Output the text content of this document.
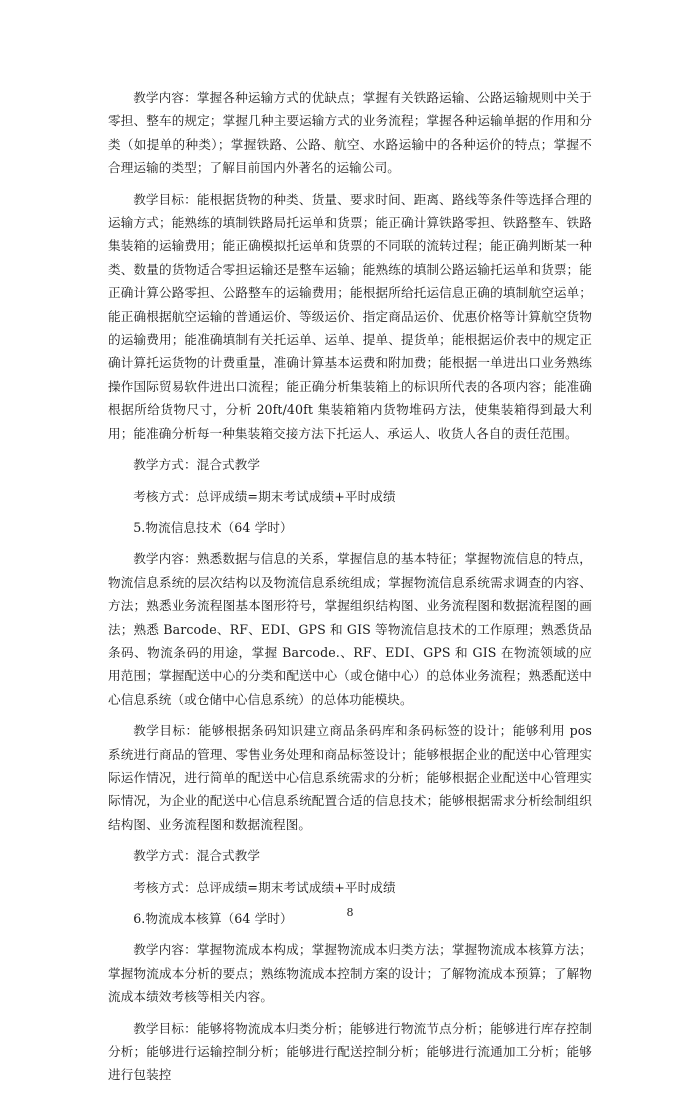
教学内容：掌握各种运输方式的优缺点；掌握有关铁路运输、公路运输规则中关于零担、整车的规定；掌握几种主要运输方式的业务流程；掌握各种运输单据的作用和分类（如提单的种类）；掌握铁路、公路、航空、水路运输中的各种运价的特点；掌握不合理运输的类型；了解目前国内外著名的运输公司。

教学目标：能根据货物的种类、货量、要求时间、距离、路线等条件等选择合理的运输方式；能熟练的填制铁路局托运单和货票；能正确计算铁路零担、铁路整车、铁路集装箱的运输费用；能正确模拟托运单和货票的不同联的流转过程；能正确判断某一种类、数量的货物适合零担运输还是整车运输；能熟练的填制公路运输托运单和货票；能正确计算公路零担、公路整车的运输费用；能根据所给托运信息正确的填制航空运单；能正确根据航空运输的普通运价、等级运价、指定商品运价、优惠价格等计算航空货物的运输费用；能准确填制有关托运单、运单、提单、提货单；能根据运价表中的规定正确计算托运货物的计费重量，准确计算基本运费和附加费；能根据一单进出口业务熟练操作国际贸易软件进出口流程；能正确分析集装箱上的标识所代表的各项内容；能准确根据所给货物尺寸，分析 20ft/40ft 集装箱箱内货物堆码方法，使集装箱得到最大利用；能准确分析每一种集装箱交接方法下托运人、承运人、收货人各自的责任范围。

教学方式：混合式教学

考核方式：总评成绩=期末考试成绩+平时成绩

5.物流信息技术（64 学时）

教学内容：熟悉数据与信息的关系，掌握信息的基本特征；掌握物流信息的特点，物流信息系统的层次结构以及物流信息系统组成；掌握物流信息系统需求调查的内容、方法；熟悉业务流程图基本图形符号，掌握组织结构图、业务流程图和数据流程图的画法；熟悉 Barcode、RF、EDI、GPS 和 GIS 等物流信息技术的工作原理；熟悉货品条码、物流条码的用途，掌握 Barcode.、RF、EDI、GPS 和 GIS 在物流领域的应用范围；掌握配送中心的分类和配送中心（或仓储中心）的总体业务流程；熟悉配送中心信息系统（或仓储中心信息系统）的总体功能模块。

教学目标：能够根据条码知识建立商品条码库和条码标签的设计；能够利用 pos 系统进行商品的管理、零售业务处理和商品标签设计；能够根据企业的配送中心管理实际运作情况，进行简单的配送中心信息系统需求的分析；能够根据企业配送中心管理实际情况，为企业的配送中心信息系统配置合适的信息技术；能够根据需求分析绘制组织结构图、业务流程图和数据流程图。

教学方式：混合式教学

考核方式：总评成绩=期末考试成绩+平时成绩

6.物流成本核算（64 学时）

教学内容：掌握物流成本构成；掌握物流成本归类方法；掌握物流成本核算方法；掌握物流成本分析的要点；熟练物流成本控制方案的设计；了解物流成本预算；了解物流成本绩效考核等相关内容。

教学目标：能够将物流成本归类分析；能够进行物流节点分析；能够进行库存控制分析；能够进行运输控制分析；能够进行配送控制分析；能够进行流通加工分析；能够进行包装控

8
